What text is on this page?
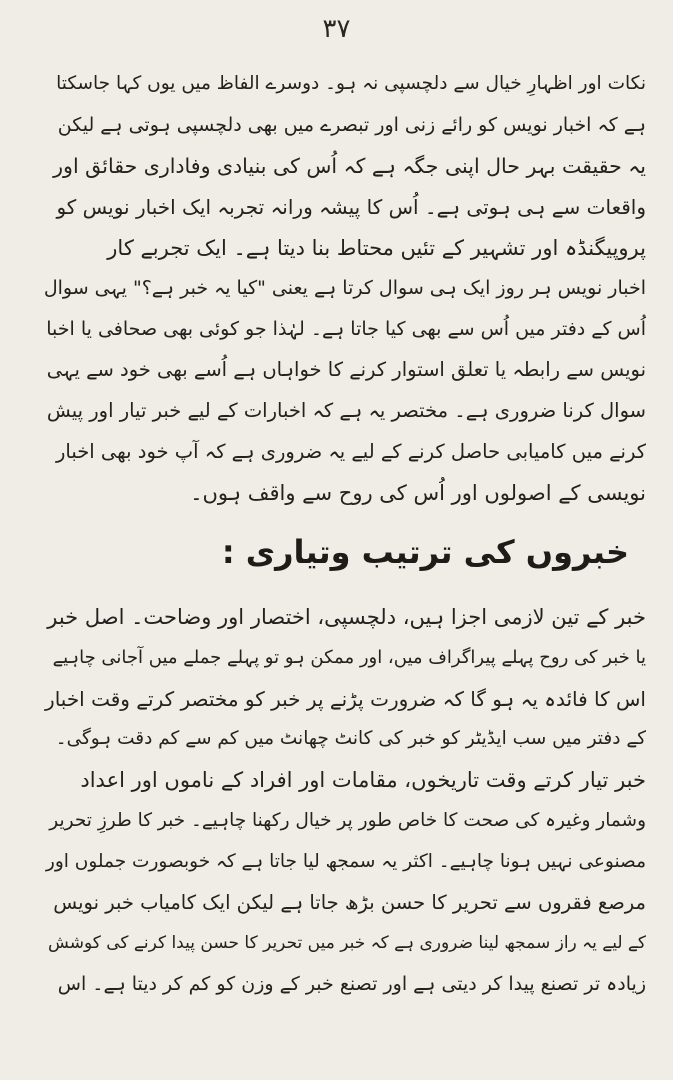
۳۷
نکات اور اظہارِ خیال سے دلچسپی نہ ہو۔ دوسرے الفاظ میں یوں کہا جاسکتا
ہے کہ اخبار نویس کو رائے زنی اور تبصرے میں بھی دلچسپی ہوتی ہے لیکن
یہ حقیقت بہر حال اپنی جگہ ہے کہ اُس کی بنیادی وفاداری حقائق اور
واقعات سے ہی ہوتی ہے۔ اُس کا پیشہ ورانہ تجربہ ایک اخبار نویس کو
پروپیگنڈہ اور تشہیر کے تئیں محتاط بنا دیتا ہے۔ ایک تجربے کار
اخبار نویس ہر روز ایک ہی سوال کرتا ہے یعنی "کیا یہ خبر ہے؟" یہی سوال
اُس کے دفتر میں اُس سے بھی کیا جاتا ہے۔ لہٰذا جو کوئی بھی صحافی یا اخبا
نویس سے رابطہ یا تعلق استوار کرنے کا خواہاں ہے اُسے بھی خود سے یہی
سوال کرنا ضروری ہے۔ مختصر یہ ہے کہ اخبارات کے لیے خبر تیار اور پیش
کرنے میں کامیابی حاصل کرنے کے لیے یہ ضروری ہے کہ آپ خود بھی اخبار
نویسی کے اصولوں اور اُس کی روح سے واقف ہوں۔
خبروں کی ترتیب وتیاری :
خبر کے تین لازمی اجزا ہیں، دلچسپی، اختصار اور وضاحت۔ اصل خبر
یا خبر کی روح پہلے پیراگراف میں، اور ممکن ہو تو پہلے جملے میں آجانی چاہیے
اس کا فائدہ یہ ہو گا کہ ضرورت پڑنے پر خبر کو مختصر کرتے وقت اخبار
کے دفتر میں سب ایڈیٹر کو خبر کی کانٹ چھانٹ میں کم سے کم دقت ہوگی۔
خبر تیار کرتے وقت تاریخوں، مقامات اور افراد کے ناموں اور اعداد
وشمار وغیرہ کی صحت کا خاص طور پر خیال رکھنا چاہیے۔ خبر کا طرزِ تحریر
مصنوعی نہیں ہونا چاہیے۔ اکثر یہ سمجھ لیا جاتا ہے کہ خوبصورت جملوں اور
مرصع فقروں سے تحریر کا حسن بڑھ جاتا ہے لیکن ایک کامیاب خبر نویس
کے لیے یہ راز سمجھ لینا ضروری ہے کہ خبر میں تحریر کا حسن پیدا کرنے کی کوشش
زیادہ تر تصنع پیدا کر دیتی ہے اور تصنع خبر کے وزن کو کم کر دیتا ہے۔ اس
